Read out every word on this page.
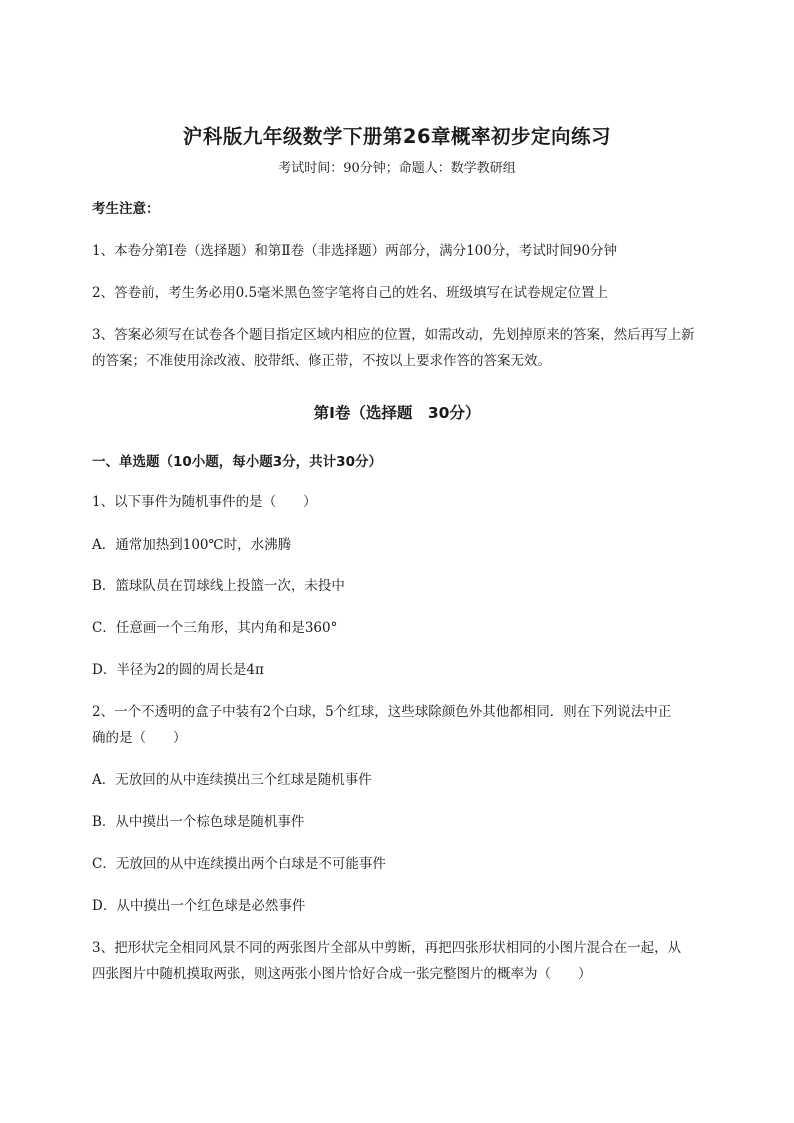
沪科版九年级数学下册第26章概率初步定向练习
考试时间：90分钟；命题人：数学教研组
考生注意：
1、本卷分第I卷（选择题）和第Ⅱ卷（非选择题）两部分，满分100分，考试时间90分钟
2、答卷前，考生务必用0.5毫米黑色签字笔将自己的姓名、班级填写在试卷规定位置上
3、答案必须写在试卷各个题目指定区域内相应的位置，如需改动，先划掉原来的答案，然后再写上新
的答案；不准使用涂改液、胶带纸、修正带，不按以上要求作答的答案无效。
第I卷（选择题　30分）
一、单选题（10小题，每小题3分，共计30分）
1、以下事件为随机事件的是（　　）
A．通常加热到100℃时，水沸腾
B．篮球队员在罚球线上投篮一次，未投中
C．任意画一个三角形，其内角和是360°
D．半径为2的圆的周长是4π
2、一个不透明的盒子中装有2个白球，5个红球，这些球除颜色外其他都相同．则在下列说法中正
确的是（　　）
A．无放回的从中连续摸出三个红球是随机事件
B．从中摸出一个棕色球是随机事件
C．无放回的从中连续摸出两个白球是不可能事件
D．从中摸出一个红色球是必然事件
3、把形状完全相同风景不同的两张图片全部从中剪断，再把四张形状相同的小图片混合在一起，从
四张图片中随机摸取两张，则这两张小图片恰好合成一张完整图片的概率为（　　）
